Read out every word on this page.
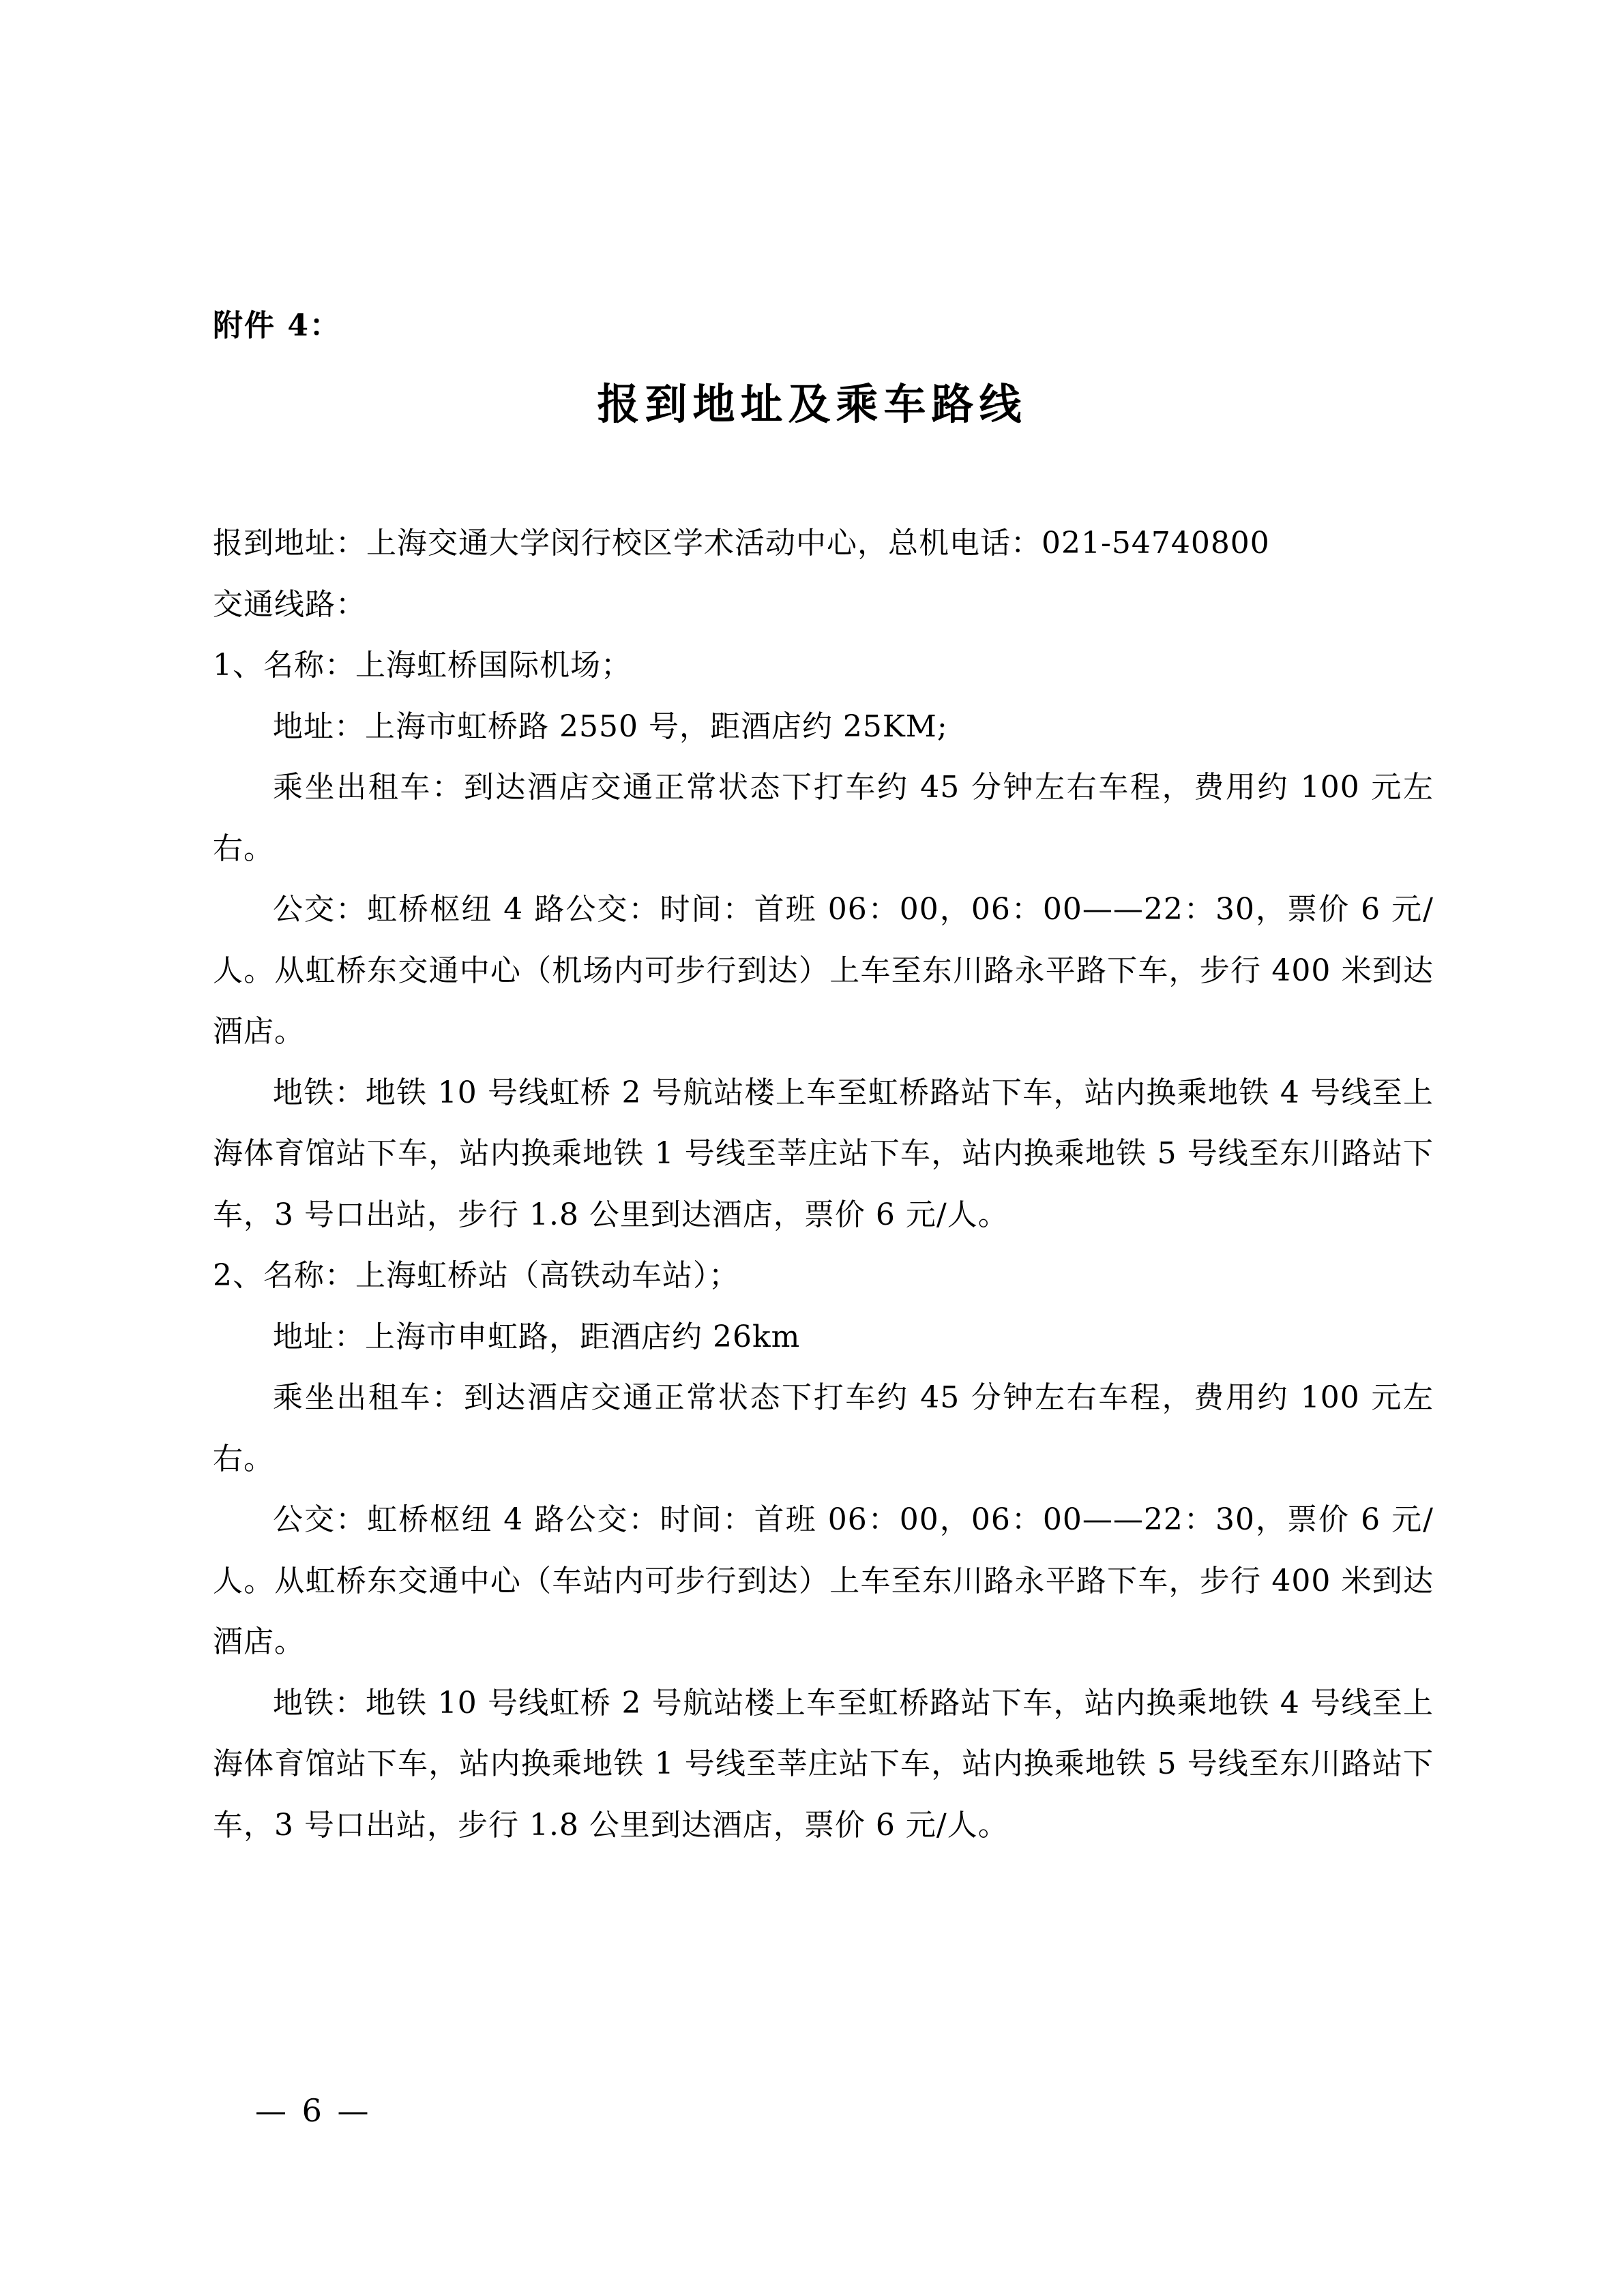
附件 4：
报到地址及乘车路线

报到地址：上海交通大学闵行校区学术活动中心，总机电话：021-54740800

交通线路：

1、名称：上海虹桥国际机场；

地址：上海市虹桥路 2550 号，距酒店约 25KM;

乘坐出租车：到达酒店交通正常状态下打车约 45 分钟左右车程，费用约 100 元左右。

公交：虹桥枢纽 4 路公交：时间：首班 06：00，06：00——22：30，票价 6 元/人。从虹桥东交通中心（机场内可步行到达）上车至东川路永平路下车，步行 400 米到达酒店。

地铁：地铁 10 号线虹桥 2 号航站楼上车至虹桥路站下车，站内换乘地铁 4 号线至上海体育馆站下车，站内换乘地铁 1 号线至莘庄站下车，站内换乘地铁 5 号线至东川路站下车，3 号口出站，步行 1.8 公里到达酒店，票价 6 元/人。

2、名称：上海虹桥站（高铁动车站）；

地址：上海市申虹路，距酒店约 26km

乘坐出租车：到达酒店交通正常状态下打车约 45 分钟左右车程，费用约 100 元左右。

公交：虹桥枢纽 4 路公交：时间：首班 06：00，06：00——22：30，票价 6 元/人。从虹桥东交通中心（车站内可步行到达）上车至东川路永平路下车，步行 400 米到达酒店。

地铁：地铁 10 号线虹桥 2 号航站楼上车至虹桥路站下车，站内换乘地铁 4 号线至上海体育馆站下车，站内换乘地铁 1 号线至莘庄站下车，站内换乘地铁 5 号线至东川路站下车，3 号口出站，步行 1.8 公里到达酒店，票价 6 元/人。

— 6 —
